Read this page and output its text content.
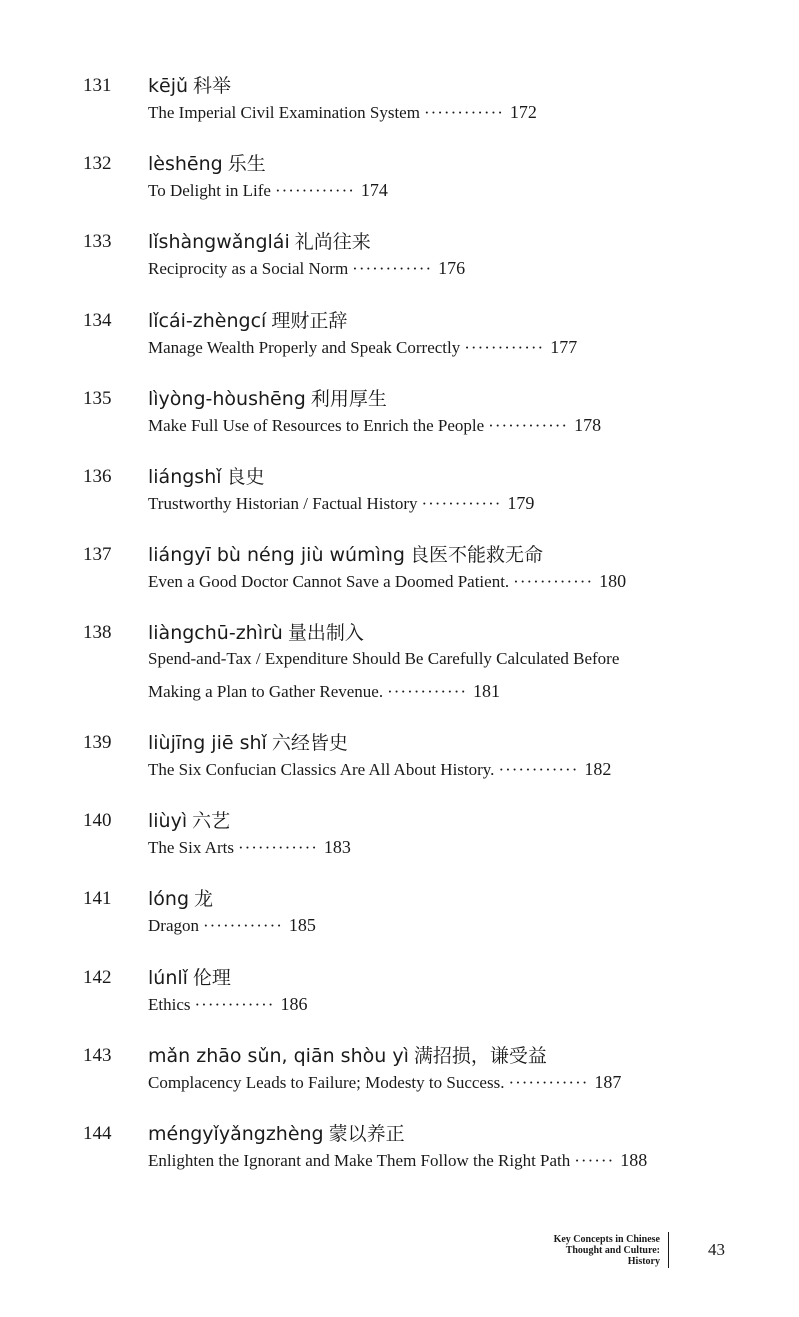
131 kējǔ 科举
The Imperial Civil Examination System ············ 172
132 lèshēng 乐生
To Delight in Life ············ 174
133 lǐshàngwǎnglái 礼尚往来
Reciprocity as a Social Norm ············ 176
134 lǐcái-zhèngcí 理财正辞
Manage Wealth Properly and Speak Correctly ············ 177
135 lìyòng-hòushēng 利用厚生
Make Full Use of Resources to Enrich the People ············ 178
136 liángshǐ 良史
Trustworthy Historian / Factual History ············ 179
137 liángyī bù néng jiù wúmìng 良医不能救无命
Even a Good Doctor Cannot Save a Doomed Patient. ············ 180
138 liàngchū-zhìrù 量出制入
Spend-and-Tax / Expenditure Should Be Carefully Calculated Before
Making a Plan to Gather Revenue. ············ 181
139 liùjīng jiē shǐ 六经皆史
The Six Confucian Classics Are All About History. ············ 182
140 liùyì 六艺
The Six Arts ············ 183
141 lóng 龙
Dragon ············ 185
142 lúnlǐ 伦理
Ethics ············ 186
143 mǎn zhāo sǔn, qiān shòu yì 满招损，谦受益
Complacency Leads to Failure; Modesty to Success. ············ 187
144 méngyǐyǎngzhèng 蒙以养正
Enlighten the Ignorant and Make Them Follow the Right Path ······ 188
Key Concepts in Chinese
Thought and Culture:
History
43
